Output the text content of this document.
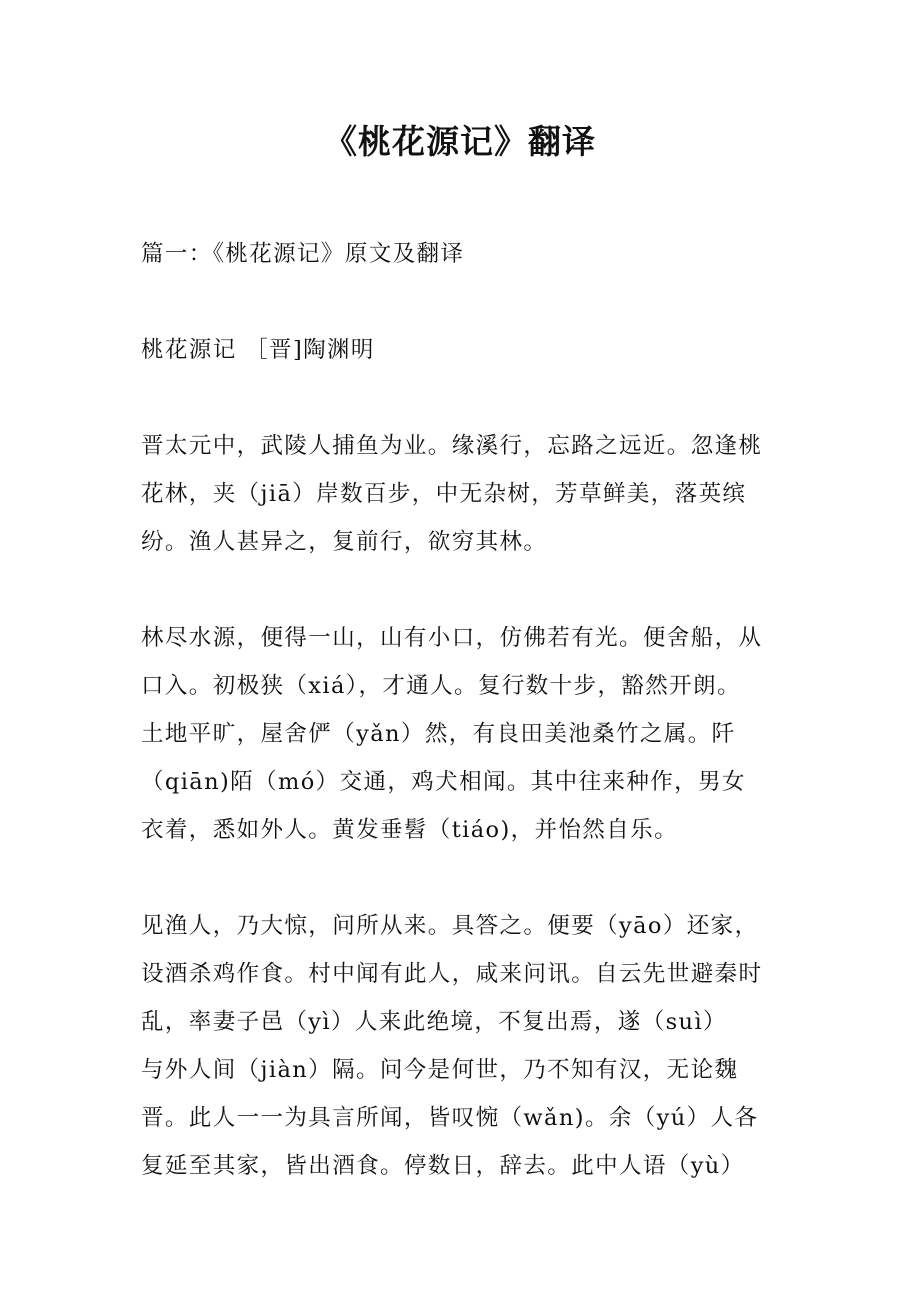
《桃花源记》翻译
篇一：《桃花源记》原文及翻译
桃花源记 ［晋]陶渊明
晋太元中，武陵人捕鱼为业。缘溪行，忘路之远近。忽逢桃
花林，夹（jiā）岸数百步，中无杂树，芳草鲜美，落英缤
纷。渔人甚异之，复前行，欲穷其林。
林尽水源，便得一山，山有小口，仿佛若有光。便舍船，从
口入。初极狭（xiá），才通人。复行数十步，豁然开朗。
土地平旷，屋舍俨（yǎn）然，有良田美池桑竹之属。阡
（qiān)陌（mó）交通，鸡犬相闻。其中往来种作，男女
衣着，悉如外人。黄发垂髫（tiáo)，并怡然自乐。
见渔人，乃大惊，问所从来。具答之。便要（yāo）还家，
设酒杀鸡作食。村中闻有此人，咸来问讯。自云先世避秦时
乱，率妻子邑（yì）人来此绝境，不复出焉，遂（suì）
与外人间（jiàn）隔。问今是何世，乃不知有汉，无论魏
晋。此人一一为具言所闻，皆叹惋（wǎn)。余（yú）人各
复延至其家，皆出酒食。停数日，辞去。此中人语（yù）
